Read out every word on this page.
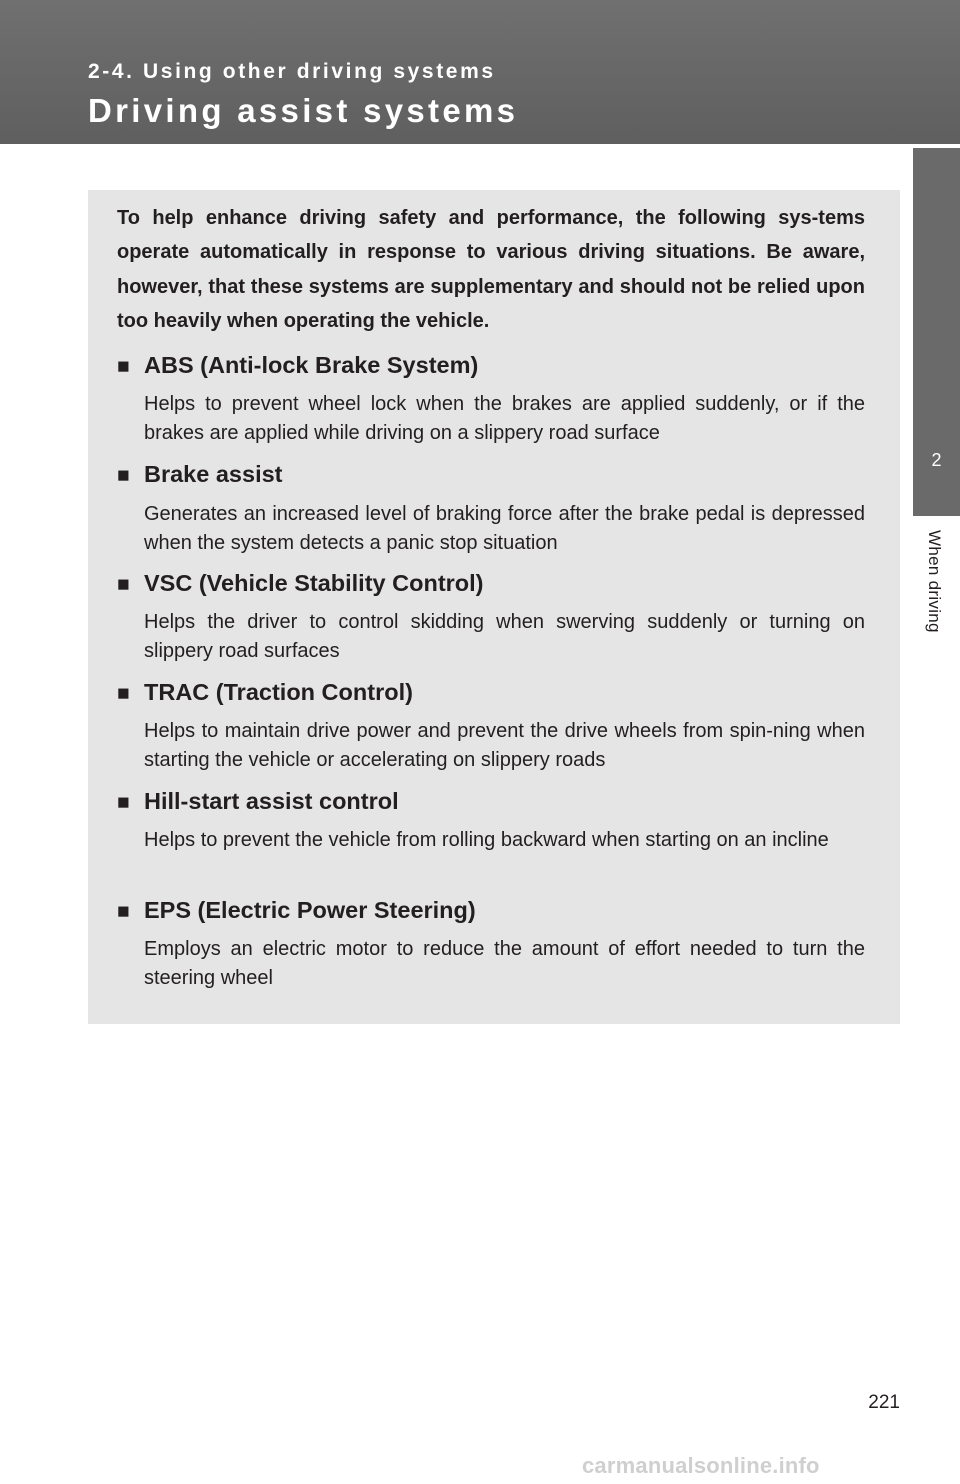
2-4. Using other driving systems

Driving assist systems
2

When driving

To help enhance driving safety and performance, the following sys-tems operate automatically in response to various driving situations. Be aware, however, that these systems are supplementary and should not be relied upon too heavily when operating the vehicle.

■ ABS (Anti-lock Brake System)

Helps to prevent wheel lock when the brakes are applied suddenly, or if the brakes are applied while driving on a slippery road surface

■ Brake assist

Generates an increased level of braking force after the brake pedal is depressed when the system detects a panic stop situation

■ VSC (Vehicle Stability Control)

Helps the driver to control skidding when swerving suddenly or turning on slippery road surfaces

■ TRAC (Traction Control)

Helps to maintain drive power and prevent the drive wheels from spin-ning when starting the vehicle or accelerating on slippery roads

■ Hill-start assist control

Helps to prevent the vehicle from rolling backward when starting on an incline

■ EPS (Electric Power Steering)

Employs an electric motor to reduce the amount of effort needed to turn the steering wheel

221

carmanualsonline.info
